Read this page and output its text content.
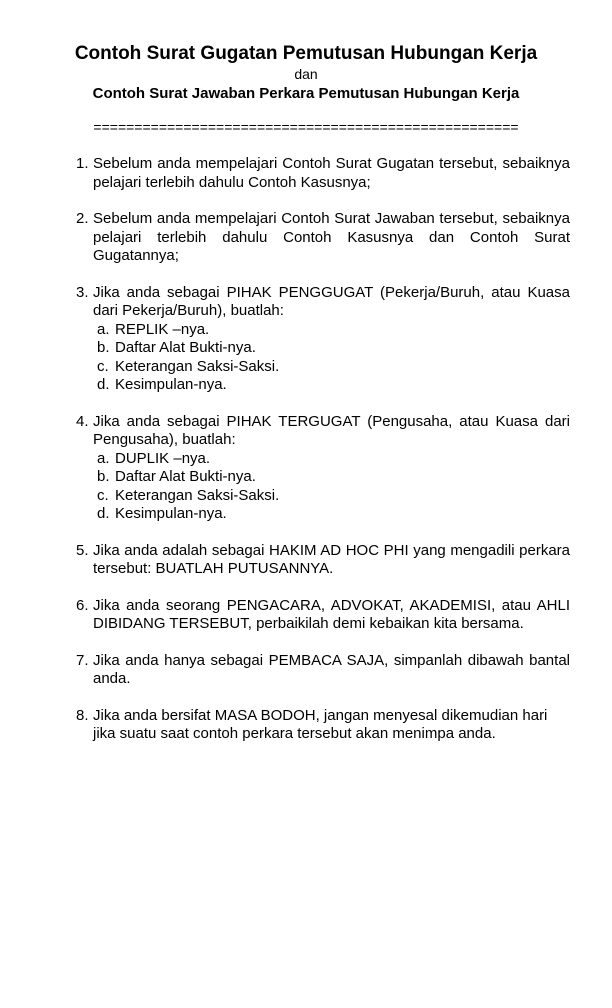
Contoh Surat Gugatan Pemutusan Hubungan Kerja
dan
Contoh Surat Jawaban Perkara Pemutusan Hubungan Kerja
====================================================
1. Sebelum anda mempelajari Contoh Surat Gugatan tersebut, sebaiknya pelajari terlebih dahulu Contoh Kasusnya;
2. Sebelum anda mempelajari Contoh Surat Jawaban tersebut, sebaiknya pelajari terlebih dahulu Contoh Kasusnya dan Contoh Surat Gugatannya;
3. Jika anda sebagai PIHAK PENGGUGAT (Pekerja/Buruh, atau Kuasa dari Pekerja/Buruh), buatlah:
a. REPLIK –nya.
b. Daftar Alat Bukti-nya.
c. Keterangan Saksi-Saksi.
d. Kesimpulan-nya.
4. Jika anda sebagai PIHAK TERGUGAT (Pengusaha, atau Kuasa dari Pengusaha), buatlah:
a. DUPLIK –nya.
b. Daftar Alat Bukti-nya.
c. Keterangan Saksi-Saksi.
d. Kesimpulan-nya.
5. Jika anda adalah sebagai HAKIM AD HOC PHI yang mengadili perkara tersebut: BUATLAH PUTUSANNYA.
6. Jika anda seorang PENGACARA, ADVOKAT, AKADEMISI, atau AHLI DIBIDANG TERSEBUT, perbaikilah demi kebaikan kita bersama.
7. Jika anda hanya sebagai PEMBACA SAJA, simpanlah dibawah bantal anda.
8. Jika anda bersifat MASA BODOH, jangan menyesal dikemudian hari jika suatu saat contoh perkara tersebut akan menimpa anda.
